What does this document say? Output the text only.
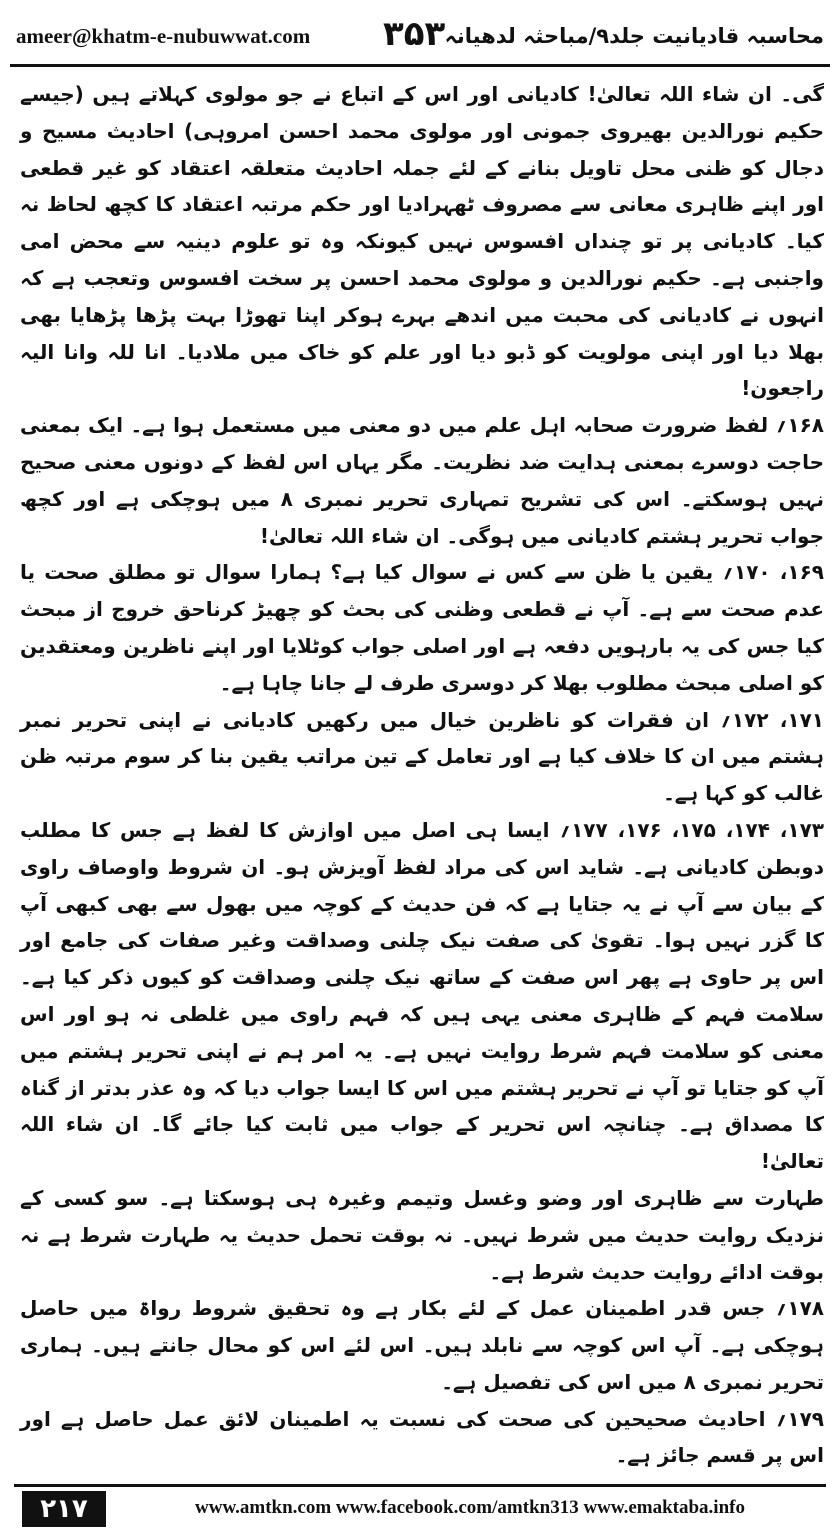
ameer@khatm-e-nubuwwat.com ۳۵۳ محاسبہ قادیانیت جلد۹/مباحثہ لدھیانہ

گی۔ ان شاء اللہ تعالیٰ! کادیانی اور اس کے اتباع نے جو مولوی کہلاتے ہیں (جیسے حکیم نورالدین بھیروی جمونی اور مولوی محمد احسن امروہی) احادیث مسیح و دجال کو ظنی محل تاویل بنانے کے لئے جملہ احادیث متعلقہ اعتقاد کو غیر قطعی اور اپنے ظاہری معانی سے مصروف ٹھہرادیا اور حکم مرتبہ اعتقاد کا کچھ لحاظ نہ کیا۔ کادیانی پر تو چنداں افسوس نہیں کیونکہ وہ تو علوم دینیہ سے محض امی واجنبی ہے۔ حکیم نورالدین و مولوی محمد احسن پر سخت افسوس وتعجب ہے کہ انہوں نے کادیانی کی محبت میں اندھے بہرے ہوکر اپنا تھوڑا بہت پڑھا پڑھایا بھی بھلا دیا اور اپنی مولویت کو ڈبو دیا اور علم کو خاک میں ملادیا۔ انا للہ وانا الیہ راجعون!

۱۶۸؍ لفظ ضرورت صحابہ اہل علم میں دو معنی میں مستعمل ہوا ہے۔ ایک بمعنی حاجت دوسرے بمعنی ہدایت ضد نظریت۔ مگر یہاں اس لفظ کے دونوں معنی صحیح نہیں ہوسکتے۔ اس کی تشریح تمہاری تحریر نمبری ۸ میں ہوچکی ہے اور کچھ جواب تحریر ہشتم کادیانی میں ہوگی۔ ان شاء اللہ تعالیٰ!

۱۶۹، ۱۷۰؍ یقین یا ظن سے کس نے سوال کیا ہے؟ ہمارا سوال تو مطلق صحت یا عدم صحت سے ہے۔ آپ نے قطعی وظنی کی بحث کو چھیڑ کرناحق خروج از مبحث کیا جس کی یہ بارہویں دفعہ ہے اور اصلی جواب کوٹلایا اور اپنے ناظرین ومعتقدین کو اصلی مبحث مطلوب بھلا کر دوسری طرف لے جانا چاہا ہے۔

۱۷۱، ۱۷۲؍ ان فقرات کو ناظرین خیال میں رکھیں کادیانی نے اپنی تحریر نمبر ہشتم میں ان کا خلاف کیا ہے اور تعامل کے تین مراتب یقین بنا کر سوم مرتبہ ظن غالب کو کہا ہے۔

۱۷۳، ۱۷۴، ۱۷۵، ۱۷۶، ۱۷۷؍ ایسا ہی اصل میں اوازش کا لفظ ہے جس کا مطلب دوبطن کادیانی ہے۔ شاید اس کی مراد لفظ آویزش ہو۔ ان شروط واوصاف راوی کے بیان سے آپ نے یہ جتایا ہے کہ فن حدیث کے کوچہ میں بھول سے بھی کبھی آپ کا گزر نہیں ہوا۔ تقویٰ کی صفت نیک چلنی وصداقت وغیر صفات کی جامع اور اس پر حاوی ہے پھر اس صفت کے ساتھ نیک چلنی وصداقت کو کیوں ذکر کیا ہے۔ سلامت فہم کے ظاہری معنی یہی ہیں کہ فہم راوی میں غلطی نہ ہو اور اس معنی کو سلامت فہم شرط روایت نہیں ہے۔ یہ امر ہم نے اپنی تحریر ہشتم میں آپ کو جتایا تو آپ نے تحریر ہشتم میں اس کا ایسا جواب دیا کہ وہ عذر بدتر از گناہ کا مصداق ہے۔ چنانچہ اس تحریر کے جواب میں ثابت کیا جائے گا۔ ان شاء اللہ تعالیٰ!

طہارت سے ظاہری اور وضو وغسل وتیمم وغیرہ ہی ہوسکتا ہے۔ سو کسی کے نزدیک روایت حدیث میں شرط نہیں۔ نہ بوقت تحمل حدیث یہ طہارت شرط ہے نہ بوقت ادائے روایت حدیث شرط ہے۔

۱۷۸؍ جس قدر اطمینان عمل کے لئے بکار ہے وہ تحقیق شروط رواۃ میں حاصل ہوچکی ہے۔ آپ اس کوچہ سے نابلد ہیں۔ اس لئے اس کو محال جانتے ہیں۔ ہماری تحریر نمبری ۸ میں اس کی تفصیل ہے۔

۱۷۹؍ احادیث صحیحین کی صحت کی نسبت یہ اطمینان لائق عمل حاصل ہے اور اس پر قسم جائز ہے۔

۲۱۷	www.amtkn.com www.facebook.com/amtkn313 www.emaktaba.info
